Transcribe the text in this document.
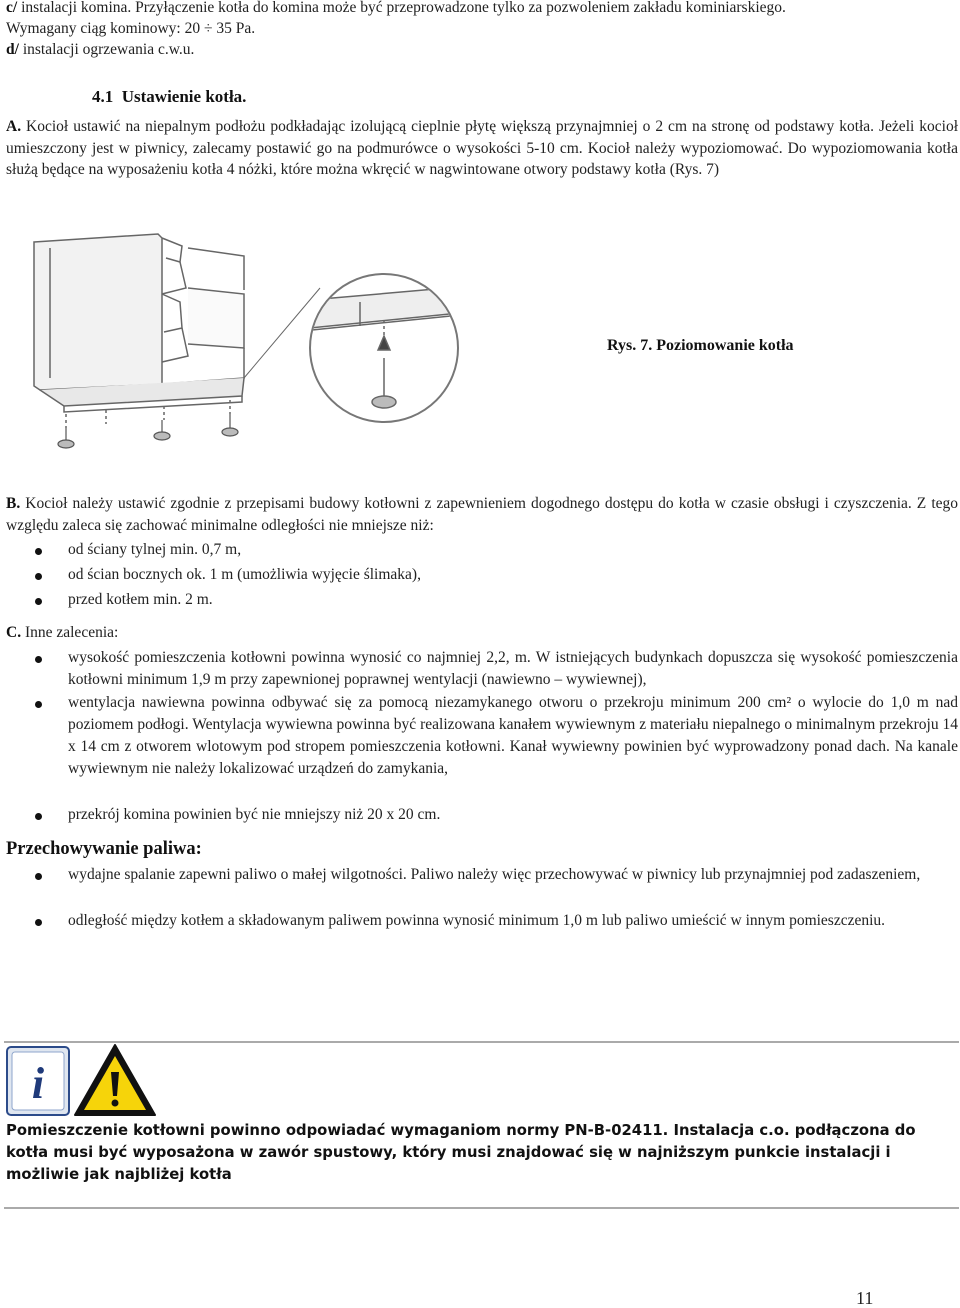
c/ instalacji komina. Przyłączenie kotła do komina może być przeprowadzone tylko za pozwoleniem zakładu kominiarskiego.
Wymagany ciąg kominowy: 20 ÷ 35 Pa.
d/ instalacji ogrzewania c.w.u.
4.1 Ustawienie kotła.
A. Kocioł ustawić na niepalnym podłożu podkładając izolującą cieplnie płytę większą przynajmniej o 2 cm na stronę od podstawy kotła. Jeżeli kocioł umieszczony jest w piwnicy, zalecamy postawić go na podmurówce o wysokości 5-10 cm. Kocioł należy wypoziomować. Do wypoziomowania kotła służą będące na wyposażeniu kotła 4 nóżki, które można wkręcić w nagwintowane otwory podstawy kotła (Rys. 7)
Rys. 7. Poziomowanie kotła
B. Kocioł należy ustawić zgodnie z przepisami budowy kotłowni z zapewnieniem dogodnego dostępu do kotła w czasie obsługi i czyszczenia. Z tego względu zaleca się zachować minimalne odległości nie mniejsze niż:
od ściany tylnej min. 0,7 m,
od ścian bocznych ok. 1 m (umożliwia wyjęcie ślimaka),
przed kotłem min. 2 m.
C. Inne zalecenia:
wysokość pomieszczenia kotłowni powinna wynosić co najmniej 2,2, m. W istniejących budynkach dopuszcza się wysokość pomieszczenia kotłowni minimum 1,9 m przy zapewnionej poprawnej wentylacji (nawiewno – wywiewnej),
wentylacja nawiewna powinna odbywać się za pomocą niezamykanego otworu o przekroju minimum 200 cm² o wylocie do 1,0 m nad poziomem podłogi. Wentylacja wywiewna powinna być realizowana kanałem wywiewnym z materiału niepalnego o minimalnym przekroju 14 x 14 cm z otworem wlotowym pod stropem pomieszczenia kotłowni. Kanał wywiewny powinien być wyprowadzony ponad dach. Na kanale wywiewnym nie należy lokalizować urządzeń do zamykania,
przekrój komina powinien być nie mniejszy niż 20 x 20 cm.
Przechowywanie paliwa:
wydajne spalanie zapewni paliwo o małej wilgotności. Paliwo należy więc przechowywać w piwnicy lub przynajmniej pod zadaszeniem,
odległość między kotłem a składowanym paliwem powinna wynosić minimum 1,0 m lub paliwo umieścić w innym pomieszczeniu.
i
Pomieszczenie kotłowni powinno odpowiadać wymaganiom normy PN-B-02411. Instalacja c.o. podłączona do kotła musi być wyposażona w zawór spustowy, który musi znajdować się w najniższym punkcie instalacji i możliwie jak najbliżej kotła
11
